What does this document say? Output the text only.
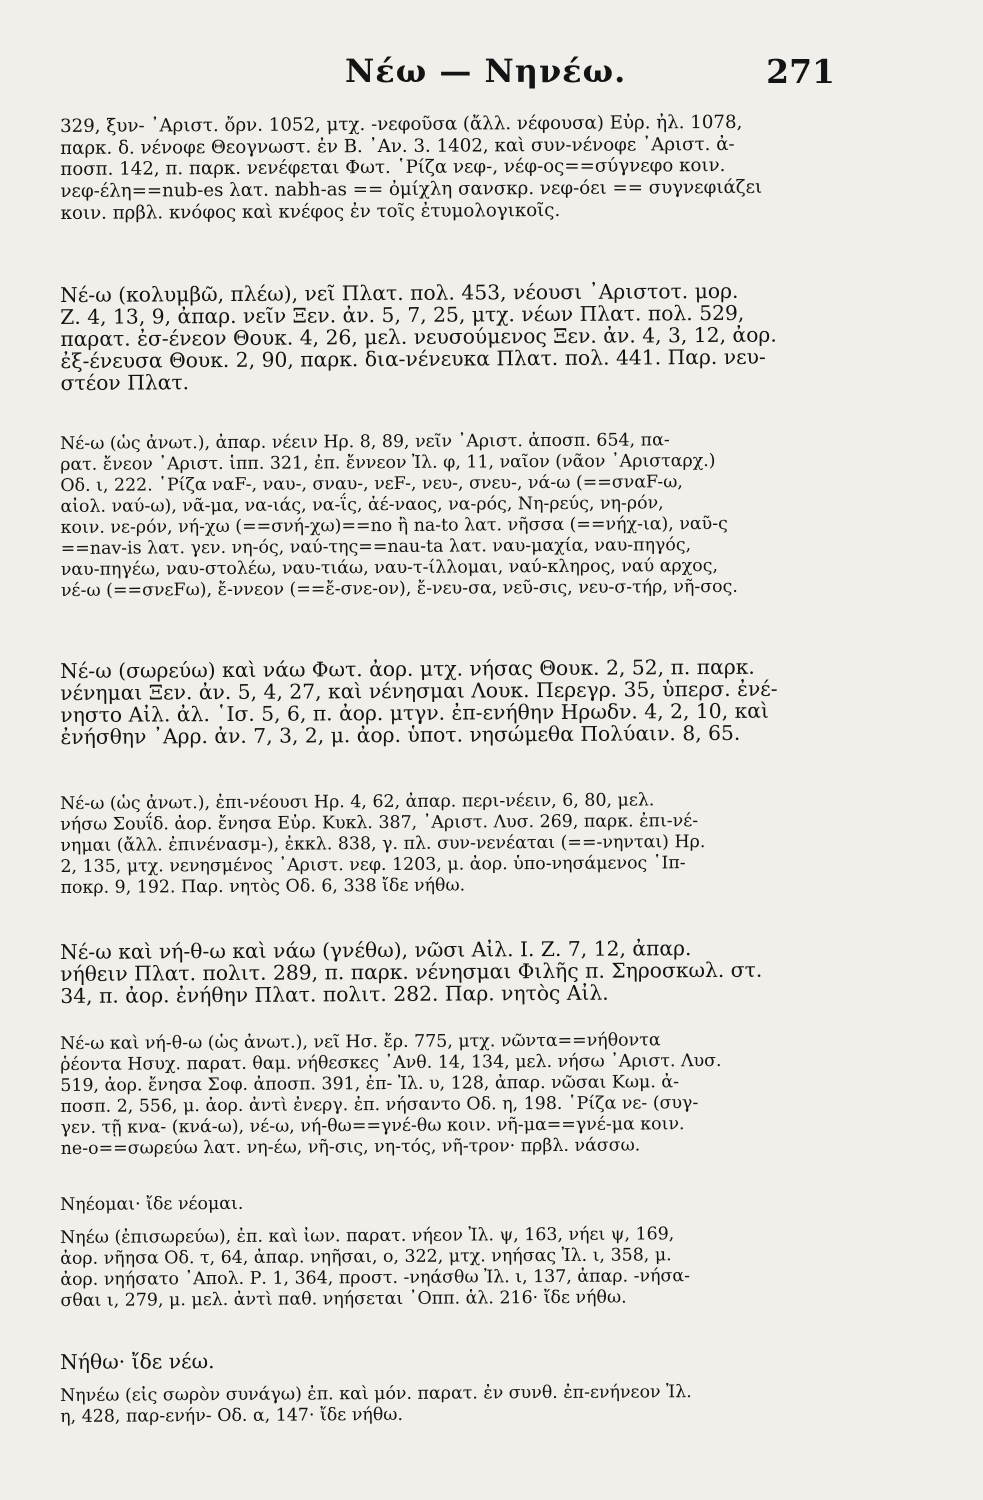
Νέω — Νηνέω.	271
329, ξυν- ᾿Αριστ. ὄρν. 1052, μτχ. -νεφοῦσα (ἄλλ. νέφουσα) Εὐρ. ἠλ. 1078,
παρκ. δ. νένοφε Θεογνωστ. ἐν Β. ᾿Αν. 3. 1402, καὶ συν-νένοφε ᾿Αριστ. ἀ-
ποσπ. 142, π. παρκ. νενέφεται Φωτ. ῾Ρίζα νεφ-, νέφ-ος==σύγνεφο κοιν.
νεφ-έλη==nub-es λατ. nabh-as == ὀμίχλη σανσκρ. νεφ-όει == συγνεφιάζει
κοιν. πρβλ. κνόφος καὶ κνέφος ἐν τοῖς ἐτυμολογικοῖς.
Νέ-ω (κολυμβῶ, πλέω), νεῖ Πλατ. πολ. 453, νέουσι ᾿Αριστοτ. μορ.
Ζ. 4, 13, 9, ἀπαρ. νεῖν Ξεν. ἀν. 5, 7, 25, μτχ. νέων Πλατ. πολ. 529,
παρατ. ἐσ-ένεον Θουκ. 4, 26, μελ. νευσούμενος Ξεν. ἀν. 4, 3, 12, ἀορ.
ἐξ-ένευσα Θουκ. 2, 90, παρκ. δια-νένευκα Πλατ. πολ. 441. Παρ. νευ-
στέον Πλατ.
Νέ-ω (ὡς ἀνωτ.), ἀπαρ. νέειν Ηρ. 8, 89, νεῖν ᾿Αριστ. ἀποσπ. 654, πα-
ρατ. ἔνεον ᾿Αριστ. ἱππ. 321, ἐπ. ἔννεον Ἰλ. φ, 11, ναῖον (νᾶον ᾿Αρισταρχ.)
Οδ. ι, 222. ῾Ρίζα ναF-, ναυ-, σναυ-, νεF-, νευ-, σνευ-, νά-ω (==σναF-ω,
αἰολ. ναύ-ω), νᾶ-μα, να-ιάς, να-ΐς, ἀέ-ναος, να-ρός, Νη-ρεύς, νη-ρόν,
κοιν. νε-ρόν, νή-χω (==σνή-χω)==no ἢ na-to λατ. νῆσσα (==νήχ-ια), ναῦ-ς
==nav-is λατ. γεν. νη-ός, ναύ-της==nau-ta λατ. ναυ-μαχία, ναυ-πηγός,
ναυ-πηγέω, ναυ-στολέω, ναυ-τιάω, ναυ-τ-ίλλομαι, ναύ-κληρος, ναύ αρχος,
νέ-ω (==σνεFω), ἔ-ννεον (==ἔ-σνε-ον), ἔ-νευ-σα, νεῦ-σις, νευ-σ-τήρ, νῆ-σος.
Νέ-ω (σωρεύω) καὶ νάω Φωτ. ἀορ. μτχ. νήσας Θουκ. 2, 52, π. παρκ.
νένημαι Ξεν. ἀν. 5, 4, 27, καὶ νένησμαι Λουκ. Περεγρ. 35, ὑπερσ. ἐνέ-
νηστο Αἰλ. ἀλ. ῾Ισ. 5, 6, π. ἀορ. μτγν. ἐπ-ενήθην Ηρωδν. 4, 2, 10, καὶ
ἐνήσθην ᾿Αρρ. ἀν. 7, 3, 2, μ. ἀορ. ὑποτ. νησώμεθα Πολύαιν. 8, 65.
Νέ-ω (ὡς ἀνωτ.), ἐπι-νέουσι Ηρ. 4, 62, ἀπαρ. περι-νέειν, 6, 80, μελ.
νήσω Σουΐδ. ἀορ. ἔνησα Εὐρ. Κυκλ. 387, ᾿Αριστ. Λυσ. 269, παρκ. ἐπι-νέ-
νημαι (ἄλλ. ἐπινένασμ-), ἐκκλ. 838, γ. πλ. συν-νενέαται (==-νηνται) Ηρ.
2, 135, μτχ. νενησμένος ᾿Αριστ. νεφ. 1203, μ. ἀορ. ὑπο-νησάμενος ῾Ιπ-
ποκρ. 9, 192. Παρ. νητὸς Οδ. 6, 338 ἴδε νήθω.
Νέ-ω καὶ νή-θ-ω καὶ νάω (γνέθω), νῶσι Αἰλ. Ι. Ζ. 7, 12, ἀπαρ.
νήθειν Πλατ. πολιτ. 289, π. παρκ. νένησμαι Φιλῆς π. Σηροσκωλ. στ.
34, π. ἀορ. ἐνήθην Πλατ. πολιτ. 282. Παρ. νητὸς Αἰλ.
Νέ-ω καὶ νή-θ-ω (ὡς ἀνωτ.), νεῖ Ησ. ἔρ. 775, μτχ. νῶντα==νήθοντα
ῥέοντα Ησυχ. παρατ. θαμ. νήθεσκες ᾿Ανθ. 14, 134, μελ. νήσω ᾿Αριστ. Λυσ.
519, ἀορ. ἔνησα Σοφ. ἀποσπ. 391, ἐπ- Ἰλ. υ, 128, ἀπαρ. νῶσαι Κωμ. ἀ-
ποσπ. 2, 556, μ. ἀορ. ἀντὶ ἐνεργ. ἐπ. νήσαντο Οδ. η, 198. ῾Ρίζα νε- (συγ-
γεν. τῇ κνα- (κνά-ω), νέ-ω, νή-θω==γνέ-θω κοιν. νῆ-μα==γνέ-μα κοιν.
ne-o==σωρεύω λατ. νη-έω, νῆ-σις, νη-τός, νῆ-τρον· πρβλ. νάσσω.
Νηέομαι· ἴδε νέομαι.
Νηέω (ἐπισωρεύω), ἐπ. καὶ ἰων. παρατ. νήεον Ἰλ. ψ, 163, νήει ψ, 169,
ἀορ. νῆησα Οδ. τ, 64, ἀπαρ. νηῆσαι, ο, 322, μτχ. νηήσας Ἰλ. ι, 358, μ.
ἀορ. νηήσατο ᾿Απολ. Ρ. 1, 364, προστ. -νηάσθω Ἰλ. ι, 137, ἀπαρ. -νήσα-
σθαι ι, 279, μ. μελ. ἀντὶ παθ. νηήσεται ᾿Οππ. ἁλ. 216· ἴδε νήθω.
Νήθω· ἴδε νέω.
Νηνέω (εἰς σωρὸν συνάγω) ἐπ. καὶ μόν. παρατ. ἐν συνθ. ἐπ-ενήνεον Ἰλ.
η, 428, παρ-ενήν- Οδ. α, 147· ἴδε νήθω.
